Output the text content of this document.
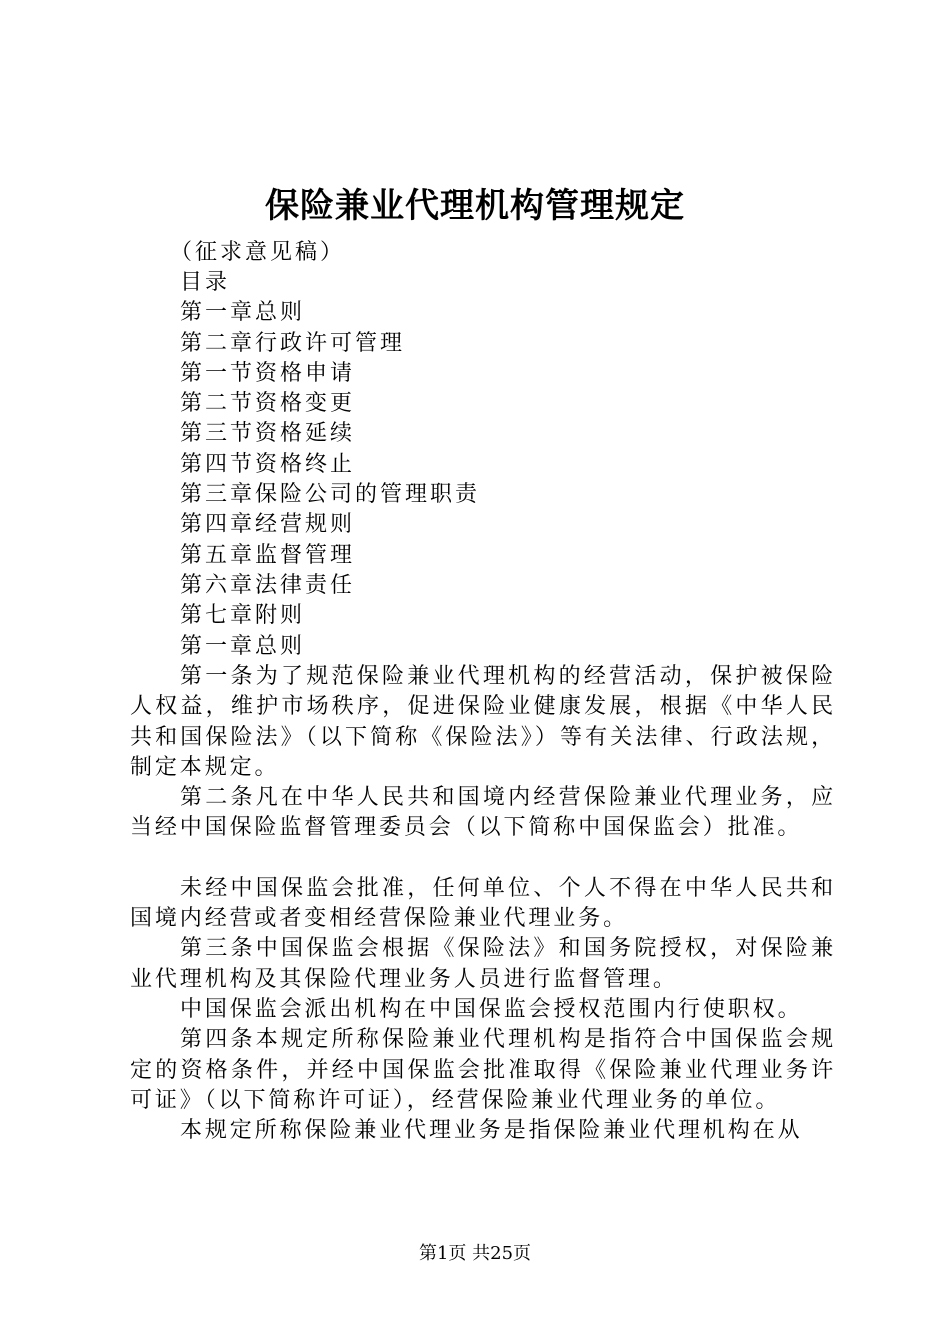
保险兼业代理机构管理规定
（征求意见稿）
目录
第一章总则
第二章行政许可管理
第一节资格申请
第二节资格变更
第三节资格延续
第四节资格终止
第三章保险公司的管理职责
第四章经营规则
第五章监督管理
第六章法律责任
第七章附则
第一章总则

第一条为了规范保险兼业代理机构的经营活动，保护被保险人权益，维护市场秩序，促进保险业健康发展，根据《中华人民共和国保险法》（以下简称《保险法》）等有关法律、行政法规，制定本规定。

第二条凡在中华人民共和国境内经营保险兼业代理业务，应当经中国保险监督管理委员会（以下简称中国保监会）批准。

未经中国保监会批准，任何单位、个人不得在中华人民共和国境内经营或者变相经营保险兼业代理业务。

第三条中国保监会根据《保险法》和国务院授权，对保险兼业代理机构及其保险代理业务人员进行监督管理。

中国保监会派出机构在中国保监会授权范围内行使职权。

第四条本规定所称保险兼业代理机构是指符合中国保监会规定的资格条件，并经中国保监会批准取得《保险兼业代理业务许可证》（以下简称许可证），经营保险兼业代理业务的单位。

本规定所称保险兼业代理业务是指保险兼业代理机构在从

第1页 共25页
